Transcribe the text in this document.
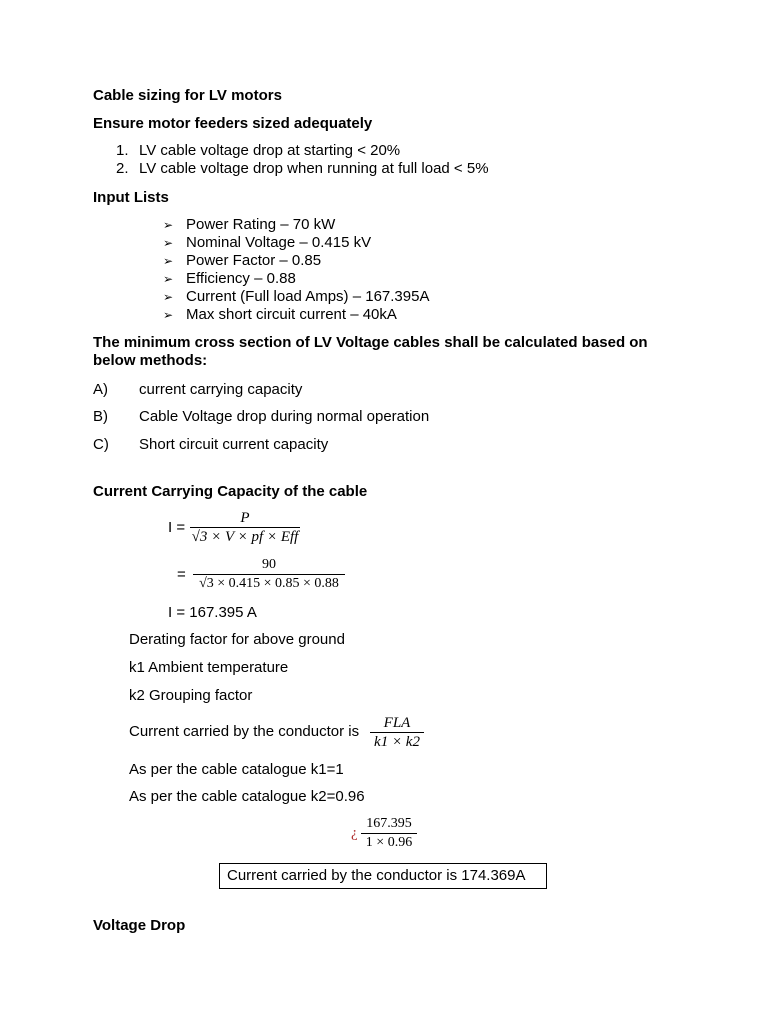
Cable sizing for LV motors
Ensure motor feeders sized adequately
1. LV cable voltage drop at starting < 20%
2. LV cable voltage drop when running at full load < 5%
Input Lists
➢ Power Rating – 70 kW
➢ Nominal Voltage – 0.415 kV
➢ Power Factor – 0.85
➢ Efficiency – 0.88
➢ Current (Full load Amps) – 167.395A
➢ Max short circuit current – 40kA
The minimum cross section of LV Voltage cables shall be calculated based on
below methods:
A) current carrying capacity
B) Cable Voltage drop during normal operation
C) Short circuit current capacity
Current Carrying Capacity of the cable
I =
P
√3 × V × pf × Eff
=
90
√3 × 0.415 × 0.85 × 0.88
I = 167.395 A
Derating factor for above ground
k1 Ambient temperature
k2 Grouping factor
Current carried by the conductor is	FLA
k1 × k2
As per the cable catalogue k1=1
As per the cable catalogue k2=0.96
¿
167.395
1 × 0.96
Current carried by the conductor is 174.369A
Voltage Drop
